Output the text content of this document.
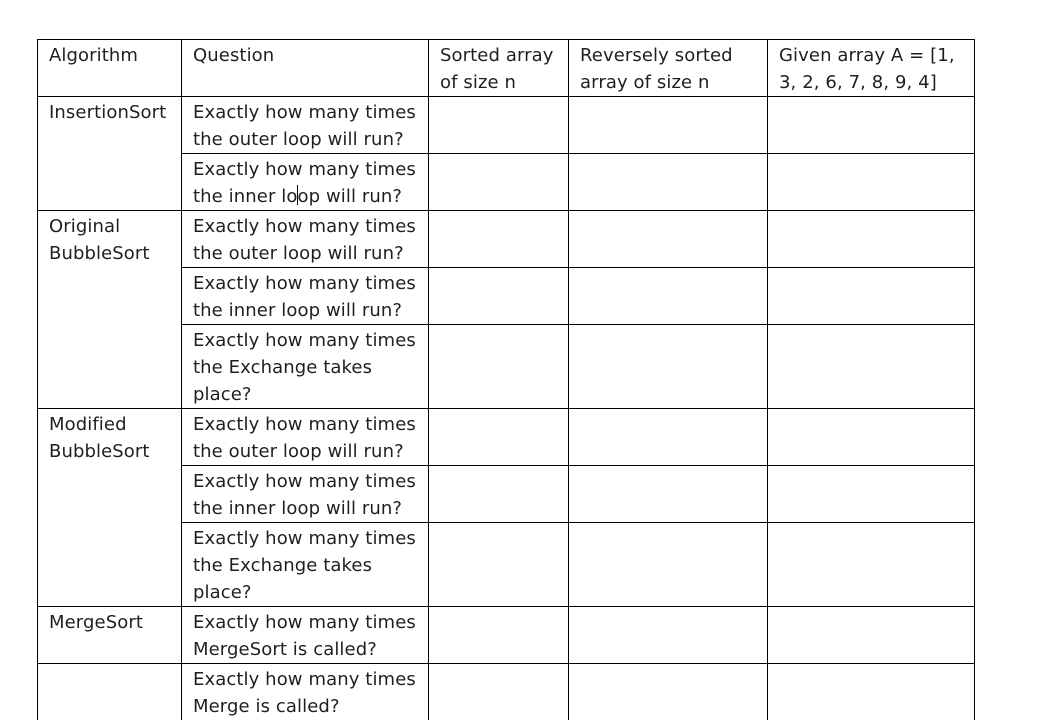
Algorithm	Question	Sorted array of size n	Reversely sorted array of size n	Given array A = [1, 3, 2, 6, 7, 8, 9, 4]
InsertionSort	Exactly how many times the outer loop will run?			
	Exactly how many times the inner loop will run?			
Original BubbleSort	Exactly how many times the outer loop will run?			
	Exactly how many times the inner loop will run?			
	Exactly how many times the Exchange takes place?			
Modified BubbleSort	Exactly how many times the outer loop will run?			
	Exactly how many times the inner loop will run?			
	Exactly how many times the Exchange takes place?			
MergeSort	Exactly how many times MergeSort is called?			
	Exactly how many times Merge is called?			
